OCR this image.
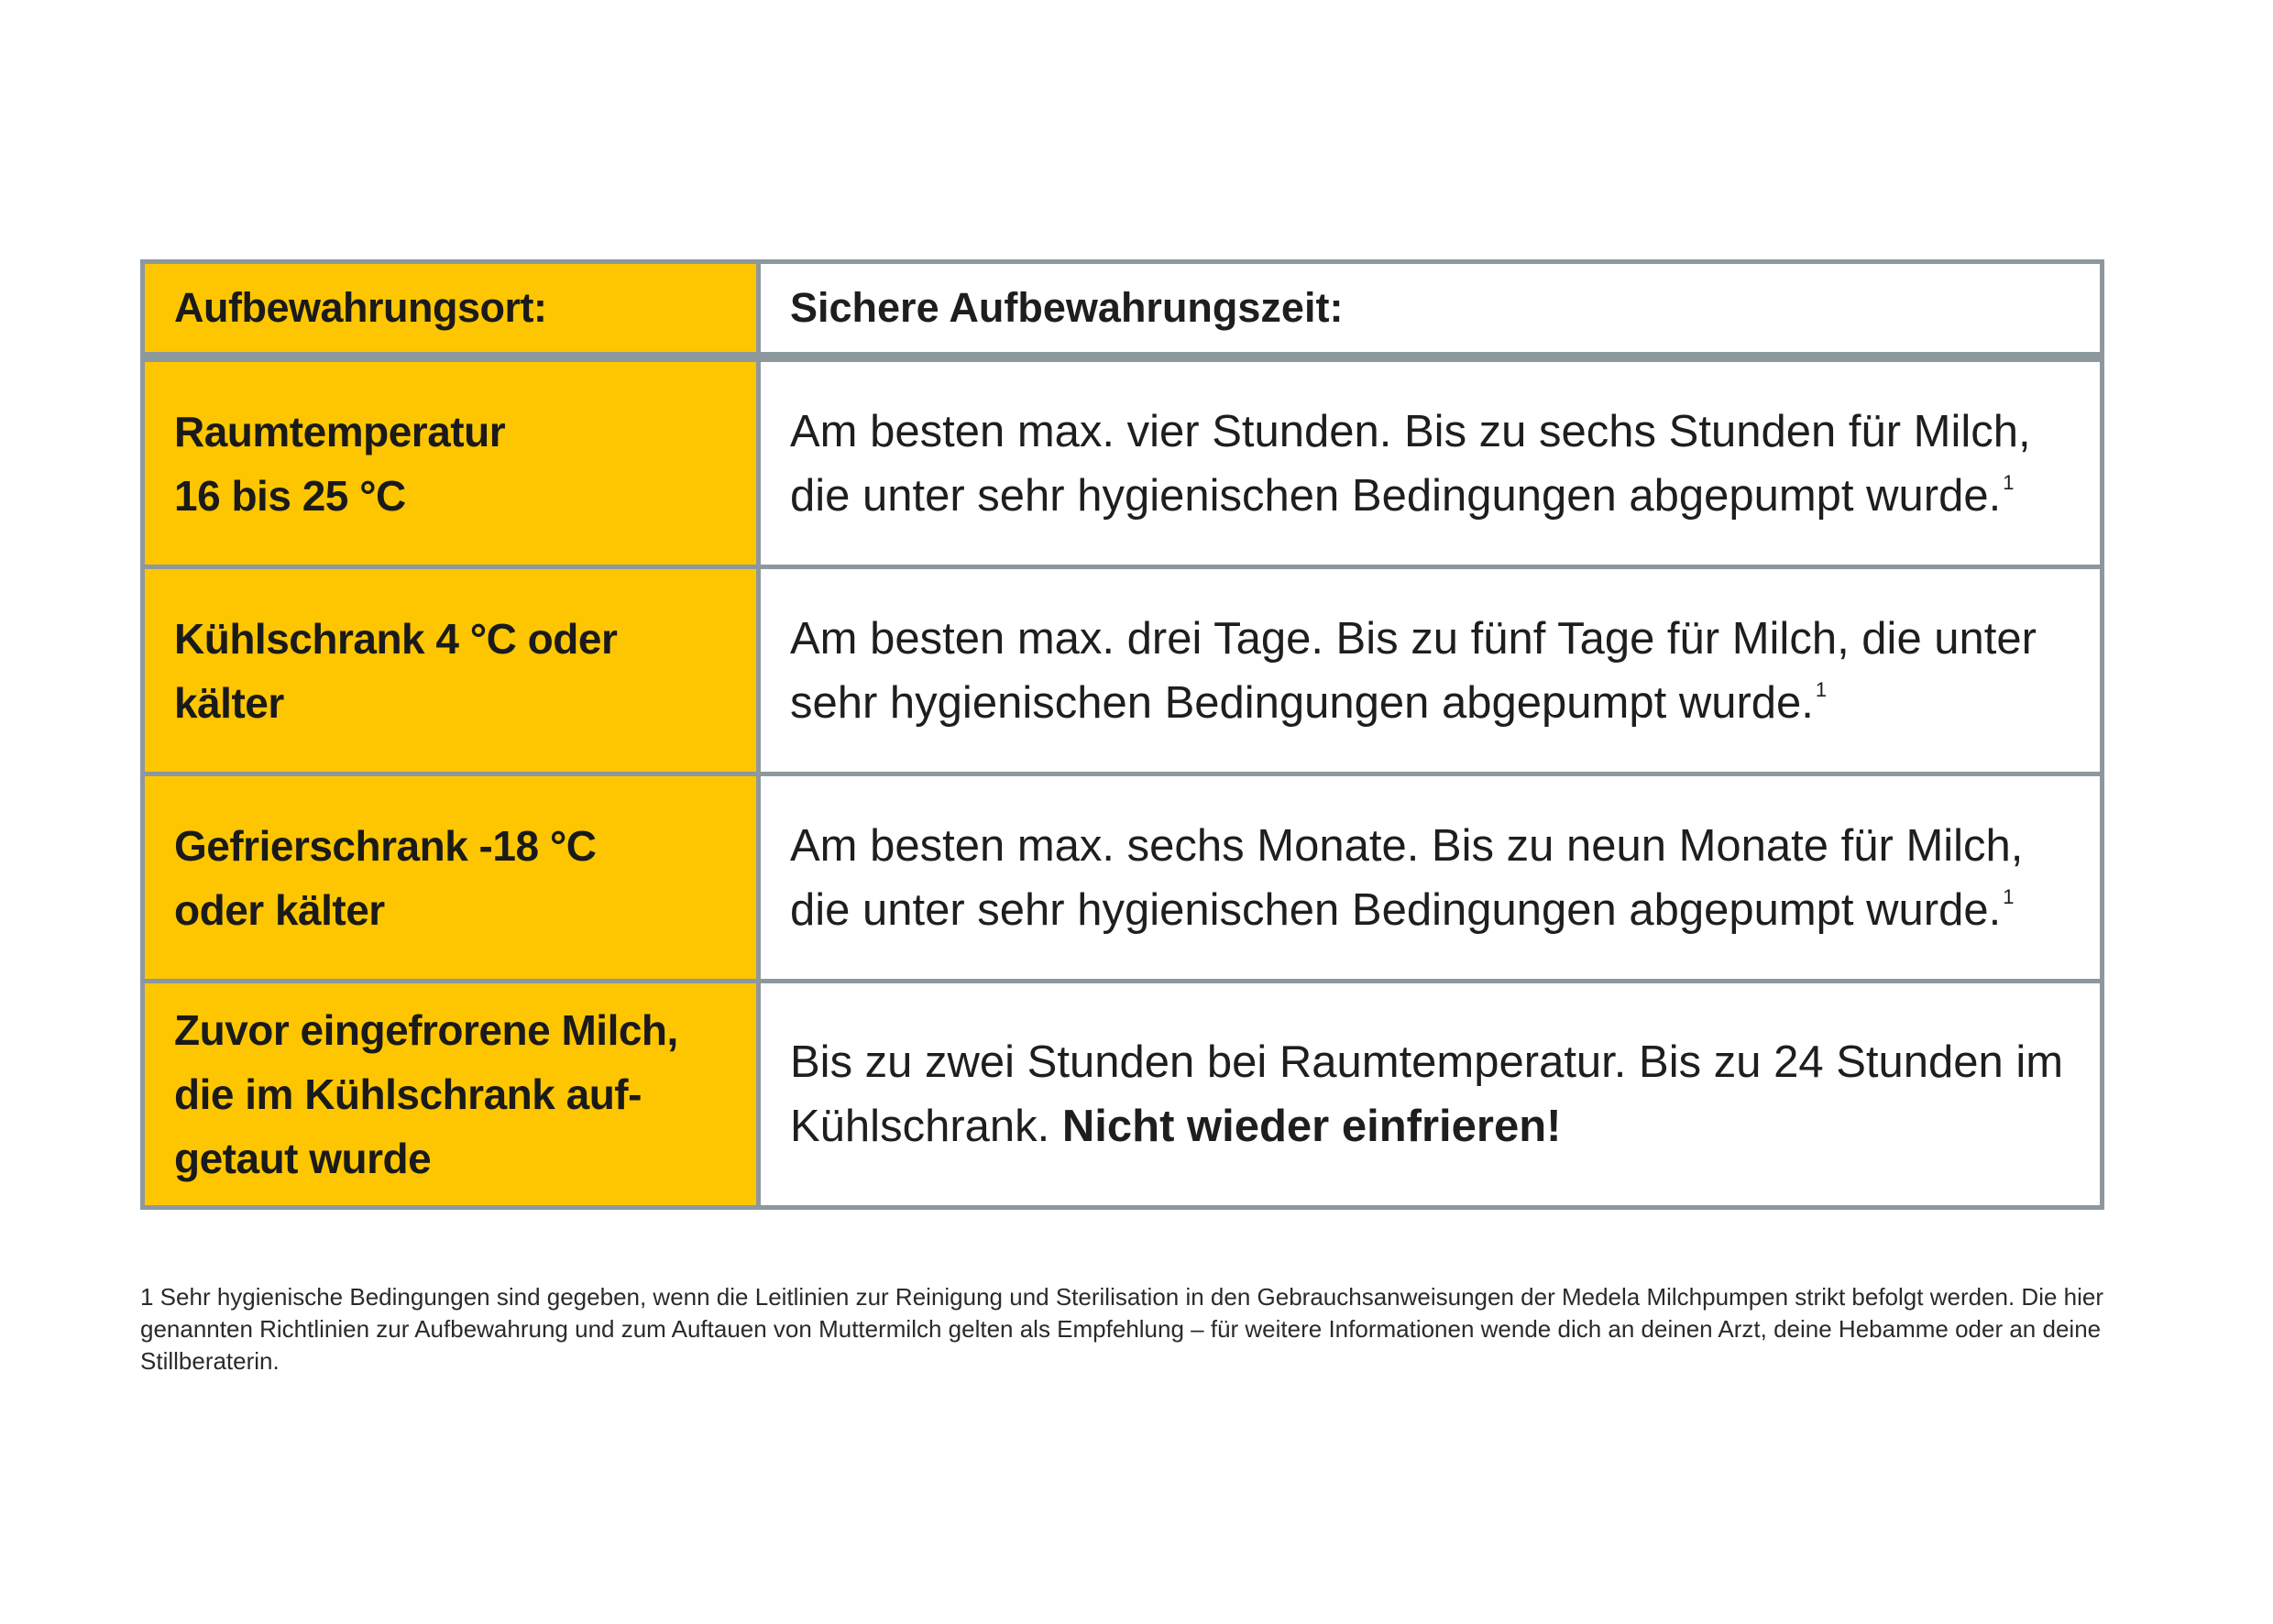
Aufbewahrungsort:	Sichere Aufbewahrungszeit:

Raumtemperatur
16 bis 25 °C	Am besten max. vier Stunden. Bis zu sechs Stunden für Milch, die unter sehr hygienischen Bedingungen abgepumpt wurde.$^1$

Kühlschrank 4 °C oder
kälter	Am besten max. drei Tage. Bis zu fünf Tage für Milch, die unter sehr hygienischen Bedingungen abgepumpt wurde.$^1$

Gefrierschrank -18 °C
oder kälter	Am besten max. sechs Monate. Bis zu neun Monate für Milch, die unter sehr hygienischen Bedingungen abgepumpt wurde.$^1$

Zuvor eingefrorene Milch,
die im Kühlschrank auf-
getaut wurde	Bis zu zwei Stunden bei Raumtemperatur. Bis zu 24 Stunden im Kühlschrank. Nicht wieder einfrieren!
1 Sehr hygienische Bedingungen sind gegeben, wenn die Leitlinien zur Reinigung und Sterilisation in den Gebrauchsanweisungen der Medela Milchpumpen strikt befolgt werden. Die hier genannten Richtlinien zur Aufbewahrung und zum Auftauen von Muttermilch gelten als Empfehlung – für weitere Informationen wende dich an deinen Arzt, deine Hebamme oder an deine Stillberaterin.
